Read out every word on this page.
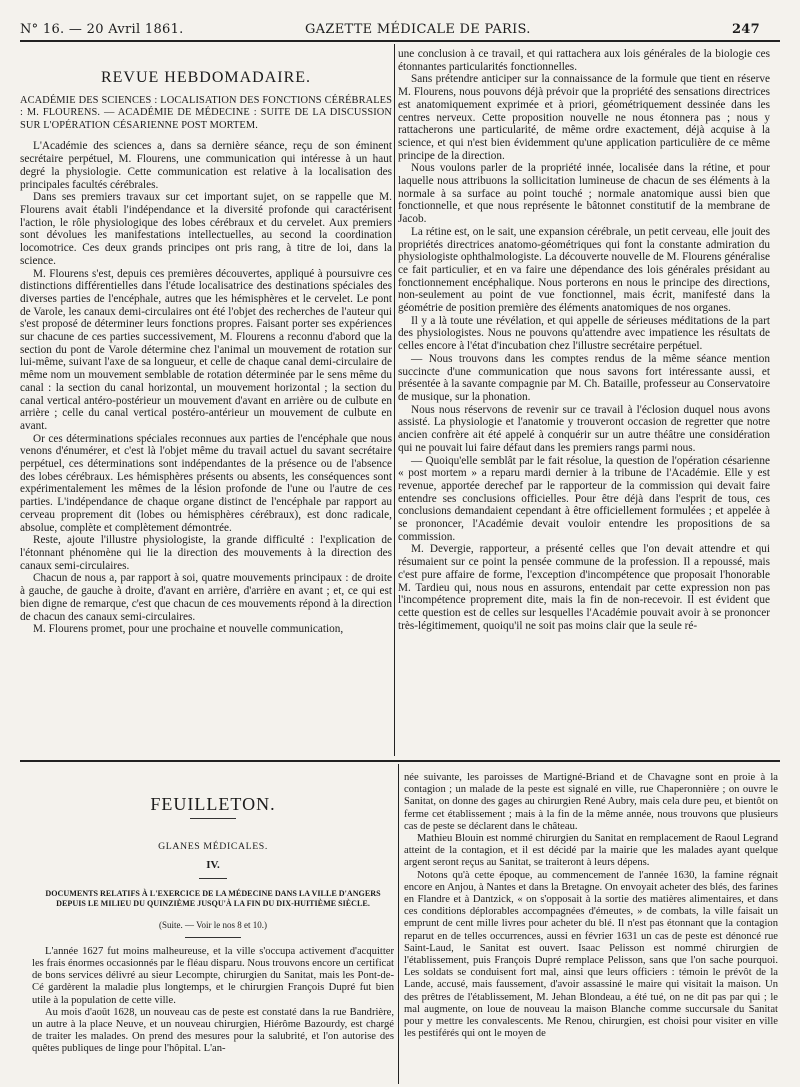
N° 16. — 20 Avril 1861.	GAZETTE MÉDICALE DE PARIS.	247
REVUE HEBDOMADAIRE.
ACADÉMIE DES SCIENCES : LOCALISATION DES FONCTIONS CÉRÉBRALES : M. FLOURENS. — ACADÉMIE DE MÉDECINE : SUITE DE LA DISCUSSION SUR L'OPÉRATION CÉSARIENNE POST MORTEM.

L'Académie des sciences a, dans sa dernière séance, reçu de son éminent secrétaire perpétuel, M. Flourens, une communication qui intéresse à un haut degré la physiologie. Cette communication est relative à la localisation des principales facultés cérébrales.

Dans ses premiers travaux sur cet important sujet, on se rappelle que M. Flourens avait établi l'indépendance et la diversité profonde qui caractérisent l'action, le rôle physiologique des lobes cérébraux et du cervelet. Aux premiers sont dévolues les manifestations intellectuelles, au second la coordination locomotrice. Ces deux grands principes ont pris rang, à titre de loi, dans la science.

M. Flourens s'est, depuis ces premières découvertes, appliqué à poursuivre ces distinctions différentielles dans l'étude localisatrice des destinations spéciales des diverses parties de l'encéphale, autres que les hémisphères et le cervelet. Le pont de Varole, les canaux demi-circulaires ont été l'objet des recherches de l'auteur qui s'est proposé de déterminer leurs fonctions propres. Faisant porter ses expériences sur chacune de ces parties successivement, M. Flourens a reconnu d'abord que la section du pont de Varole détermine chez l'animal un mouvement de rotation sur lui-même, suivant l'axe de sa longueur, et celle de chaque canal demi-circulaire de même nom un mouvement semblable de rotation déterminée par le sens même du canal : la section du canal horizontal, un mouvement horizontal ; la section du canal vertical antéro-postérieur un mouvement d'avant en arrière ou de culbute en arrière ; celle du canal vertical postéro-antérieur un mouvement de culbute en avant.

Or ces déterminations spéciales reconnues aux parties de l'encéphale que nous venons d'énumérer, et c'est là l'objet même du travail actuel du savant secrétaire perpétuel, ces déterminations sont indépendantes de la présence ou de l'absence des lobes cérébraux. Les hémisphères présents ou absents, les conséquences sont expérimentalement les mêmes de la lésion profonde de l'une ou l'autre de ces parties. L'indépendance de chaque organe distinct de l'encéphale par rapport au cerveau proprement dit (lobes ou hémisphères cérébraux), est donc radicale, absolue, complète et complètement démontrée.

Reste, ajoute l'illustre physiologiste, la grande difficulté : l'explication de l'étonnant phénomène qui lie la direction des mouvements à la direction des canaux semi-circulaires.

Chacun de nous a, par rapport à soi, quatre mouvements principaux : de droite à gauche, de gauche à droite, d'avant en arrière, d'arrière en avant ; et, ce qui est bien digne de remarque, c'est que chacun de ces mouvements répond à la direction de chacun des canaux semi-circulaires.

M. Flourens promet, pour une prochaine et nouvelle communication,

une conclusion à ce travail, et qui rattachera aux lois générales de la biologie ces étonnantes particularités fonctionnelles.

Sans prétendre anticiper sur la connaissance de la formule que tient en réserve M. Flourens, nous pouvons déjà prévoir que la propriété des sensations directrices est anatomiquement exprimée et à priori, géométriquement dessinée dans les centres nerveux. Cette proposition nouvelle ne nous étonnera pas ; nous y rattacherons une particularité, de même ordre exactement, déjà acquise à la science, et qui n'est bien évidemment qu'une application particulière de ce même principe de la direction.

Nous voulons parler de la propriété innée, localisée dans la rétine, et pour laquelle nous attribuons la sollicitation lumineuse de chacun de ses éléments à la normale à sa surface au point touché ; normale anatomique aussi bien que fonctionnelle, et que nous représente le bâtonnet constitutif de la membrane de Jacob.

La rétine est, on le sait, une expansion cérébrale, un petit cerveau, elle jouit des propriétés directrices anatomo-géométriques qui font la constante admiration du physiologiste ophthalmologiste. La découverte nouvelle de M. Flourens généralise ce fait particulier, et en va faire une dépendance des lois générales présidant au fonctionnement encéphalique. Nous porterons en nous le principe des directions, non-seulement au point de vue fonctionnel, mais écrit, manifesté dans la géométrie de position première des éléments anatomiques de nos organes.

Il y a là toute une révélation, et qui appelle de sérieuses méditations de la part des physiologistes. Nous ne pouvons qu'attendre avec impatience les résultats de celles encore à l'état d'incubation chez l'illustre secrétaire perpétuel.

— Nous trouvons dans les comptes rendus de la même séance mention succincte d'une communication que nous savons fort intéressante aussi, et présentée à la savante compagnie par M. Ch. Bataille, professeur au Conservatoire de musique, sur la phonation.

Nous nous réservons de revenir sur ce travail à l'éclosion duquel nous avons assisté. La physiologie et l'anatomie y trouveront occasion de regretter que notre ancien confrère ait été appelé à conquérir sur un autre théâtre une considération qui ne pouvait lui faire défaut dans les premiers rangs parmi nous.

— Quoiqu'elle semblât par le fait résolue, la question de l'opération césarienne « post mortem » a reparu mardi dernier à la tribune de l'Académie. Elle y est revenue, apportée derechef par le rapporteur de la commission qui devait faire entendre ses conclusions officielles. Pour être déjà dans l'esprit de tous, ces conclusions demandaient cependant à être officiellement formulées ; et appelée à se prononcer, l'Académie devait vouloir entendre les propositions de sa commission.

M. Devergie, rapporteur, a présenté celles que l'on devait attendre et qui résumaient sur ce point la pensée commune de la profession. Il a repoussé, mais c'est pure affaire de forme, l'exception d'incompétence que proposait l'honorable M. Tardieu qui, nous nous en assurons, entendait par cette expression non pas l'incompétence proprement dite, mais la fin de non-recevoir. Il est évident que cette question est de celles sur lesquelles l'Académie pouvait avoir à se prononcer très-légitimement, quoiqu'il ne soit pas moins clair que la seule ré-

FEUILLETON.
GLANES MÉDICALES.
IV.
DOCUMENTS RELATIFS À L'EXERCICE DE LA MÉDECINE DANS LA VILLE D'ANGERS DEPUIS LE MILIEU DU QUINZIÈME JUSQU'À LA FIN DU DIX-HUITIÈME SIÈCLE.
(Suite. — Voir le nos 8 et 10.)

L'année 1627 fut moins malheureuse, et la ville s'occupa activement d'acquitter les frais énormes occasionnés par le fléau disparu. Nous trouvons encore un certificat de bons services délivré au sieur Lecompte, chirurgien du Sanitat, mais les Pont-de-Cé gardèrent la maladie plus longtemps, et le chirurgien François Dupré fut bien utile à la population de cette ville.

Au mois d'août 1628, un nouveau cas de peste est constaté dans la rue Bandrière, un autre à la place Neuve, et un nouveau chirurgien, Hiérôme Bazourdy, est chargé de traiter les malades. On prend des mesures pour la salubrité, et l'on autorise des quêtes publiques de linge pour l'hôpital. L'an-

née suivante, les paroisses de Martigné-Briand et de Chavagne sont en proie à la contagion ; un malade de la peste est signalé en ville, rue Chaperonnière ; on ouvre le Sanitat, on donne des gages au chirurgien René Aubry, mais cela dure peu, et bientôt on ferme cet établissement ; mais à la fin de la même année, nous trouvons que plusieurs cas de peste se déclarent dans le château.

Mathieu Blouin est nommé chirurgien du Sanitat en remplacement de Raoul Legrand atteint de la contagion, et il est décidé par la mairie que les malades ayant quelque argent seront reçus au Sanitat, se traiteront à leurs dépens.

Notons qu'à cette époque, au commencement de l'année 1630, la famine régnait encore en Anjou, à Nantes et dans la Bretagne. On envoyait acheter des blés, des farines en Flandre et à Dantzick, « on s'opposait à la sortie des matières alimentaires, et dans ces conditions déplorables accompagnées d'émeutes, » de combats, la ville faisait un emprunt de cent mille livres pour acheter du blé. Il n'est pas étonnant que la contagion reparut en de telles occurrences, aussi en février 1631 un cas de peste est dénoncé rue Saint-Laud, le Sanitat est ouvert. Isaac Pelisson est nommé chirurgien de l'établissement, puis François Dupré remplace Pelisson, sans que l'on sache pourquoi. Les soldats se conduisent fort mal, ainsi que leurs officiers : témoin le prévôt de la Lande, accusé, mais faussement, d'avoir assassiné le maire qui visitait la maison. Un des prêtres de l'établissement, M. Jehan Blondeau, a été tué, on ne dit pas par qui ; le mal augmente, on loue de nouveau la maison Blanche comme succursale du Sanitat pour y mettre les convalescents. Me Renou, chirurgien, est choisi pour visiter en ville les pestiférés qui ont le moyen de
